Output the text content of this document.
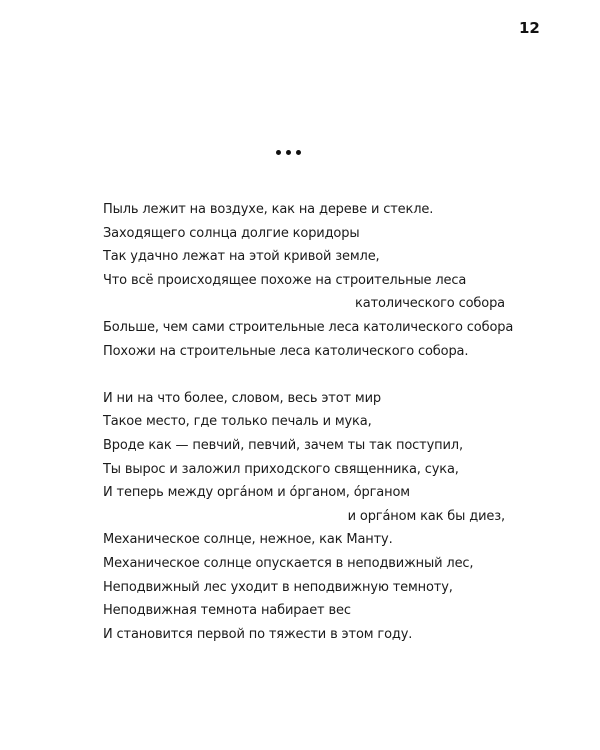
12
Пыль лежит на воздухе, как на дереве и стекле.
Заходящего солнца долгие коридоры
Так удачно лежат на этой кривой земле,
Что всё происходящее похоже на строительные леса
католического собора
Больше, чем сами строительные леса католического собора
Похожи на строительные леса католического собора.
И ни на что более, словом, весь этот мир
Такое место, где только печаль и мука,
Вроде как — певчий, певчий, зачем ты так поступил,
Ты вырос и заложил приходского священника, сука,
И теперь между орга́ном и о́рганом, о́рганом
и орга́ном как бы диез,
Механическое солнце, нежное, как Манту.
Механическое солнце опускается в неподвижный лес,
Неподвижный лес уходит в неподвижную темноту,
Неподвижная темнота набирает вес
И становится первой по тяжести в этом году.
